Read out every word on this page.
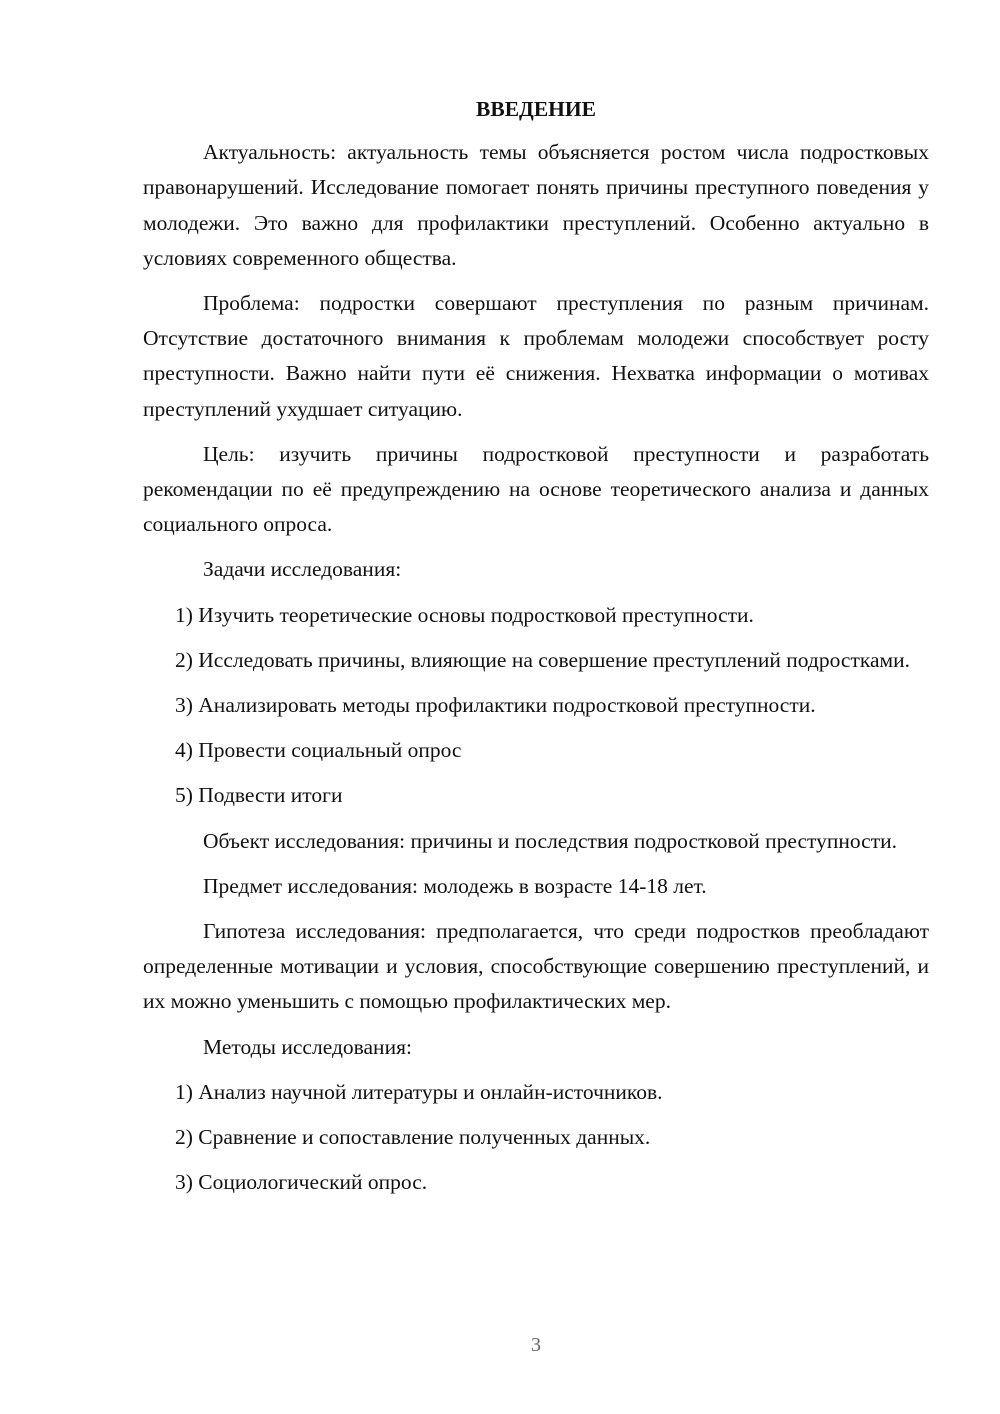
ВВЕДЕНИЕ

Актуальность: актуальность темы объясняется ростом числа подростковых правонарушений. Исследование помогает понять причины преступного поведения у молодежи. Это важно для профилактики преступлений. Особенно актуально в условиях современного общества.

Проблема: подростки совершают преступления по разным причинам. Отсутствие достаточного внимания к проблемам молодежи способствует росту преступности. Важно найти пути её снижения. Нехватка информации о мотивах преступлений ухудшает ситуацию.

Цель: изучить причины подростковой преступности и разработать рекомендации по её предупреждению на основе теоретического анализа и данных социального опроса.

Задачи исследования:

1) Изучить теоретические основы подростковой преступности.

2) Исследовать причины, влияющие на совершение преступлений подростками.

3) Анализировать методы профилактики подростковой преступности.

4) Провести социальный опрос

5) Подвести итоги

Объект исследования: причины и последствия подростковой преступности.

Предмет исследования: молодежь в возрасте 14-18 лет.

Гипотеза исследования: предполагается, что среди подростков преобладают определенные мотивации и условия, способствующие совершению преступлений, и их можно уменьшить с помощью профилактических мер.

Методы исследования:

1) Анализ научной литературы и онлайн-источников.

2) Сравнение и сопоставление полученных данных.

3) Социологический опрос.

3
